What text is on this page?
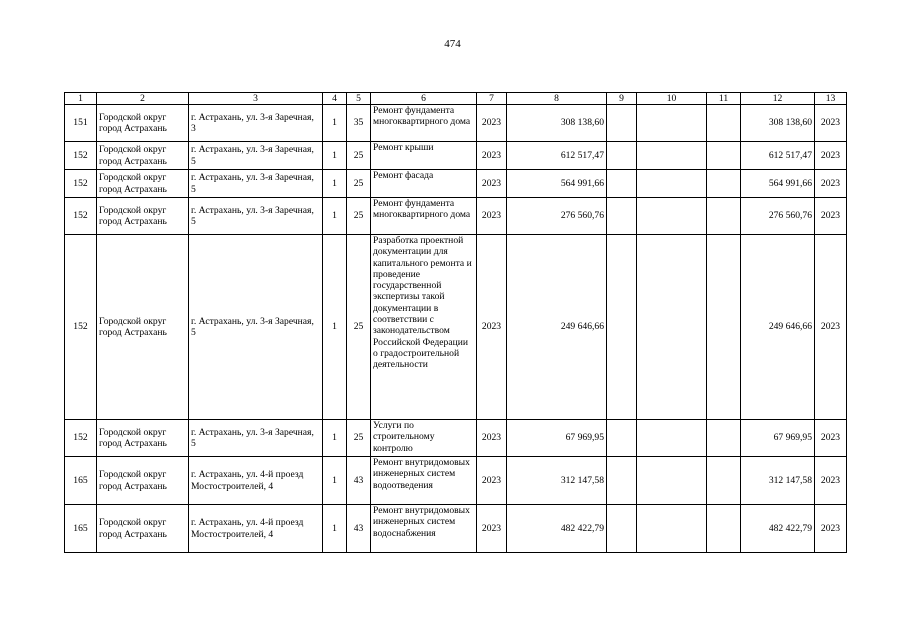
474
1	2	3	4	5	6	7	8	9	10	11	12	13
151	Городской округ город Астрахань	г. Астрахань, ул. 3-я Заречная, 3	1	35	Ремонт фундамента многоквартирного дома	2023	308 138,60				308 138,60	2023
152	Городской округ город Астрахань	г. Астрахань, ул. 3-я Заречная, 5	1	25	Ремонт крыши	2023	612 517,47				612 517,47	2023
152	Городской округ город Астрахань	г. Астрахань, ул. 3-я Заречная, 5	1	25	Ремонт фасада	2023	564 991,66				564 991,66	2023
152	Городской округ город Астрахань	г. Астрахань, ул. 3-я Заречная, 5	1	25	Ремонт фундамента многоквартирного дома	2023	276 560,76				276 560,76	2023
152	Городской округ город Астрахань	г. Астрахань, ул. 3-я Заречная, 5	1	25	Разработка проектной документации для капитального ремонта и проведение государственной экспертизы такой документации в соответствии с законодательством Российской Федерации о градостроительной деятельности	2023	249 646,66				249 646,66	2023
152	Городской округ город Астрахань	г. Астрахань, ул. 3-я Заречная, 5	1	25	Услуги по строительному контролю	2023	67 969,95				67 969,95	2023
165	Городской округ город Астрахань	г. Астрахань, ул. 4-й проезд Мостостроителей, 4	1	43	Ремонт внутридомовых инженерных систем водоотведения	2023	312 147,58				312 147,58	2023
165	Городской округ город Астрахань	г. Астрахань, ул. 4-й проезд Мостостроителей, 4	1	43	Ремонт внутридомовых инженерных систем водоснабжения	2023	482 422,79				482 422,79	2023
